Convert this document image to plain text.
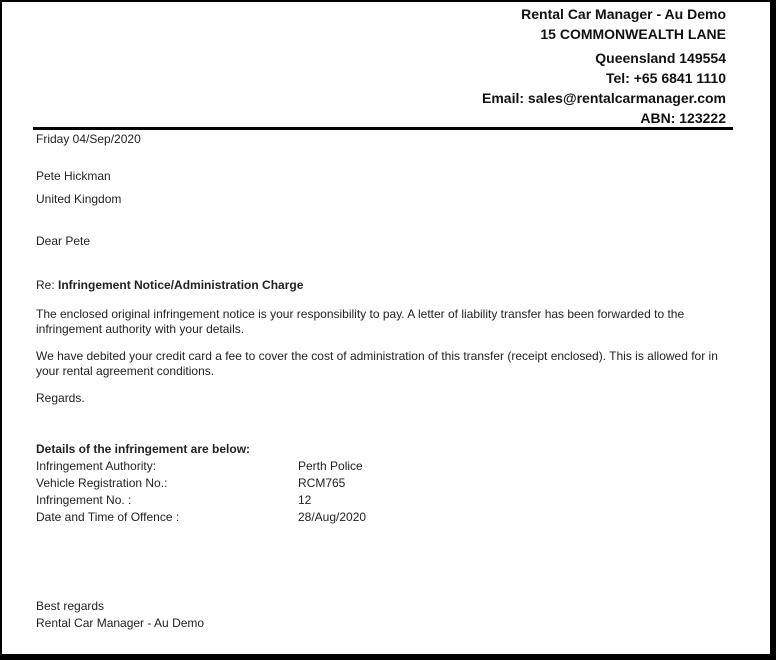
Rental Car Manager - Au Demo
15 COMMONWEALTH LANE
Queensland 149554
Tel: +65 6841 1110
Email: sales@rentalcarmanager.com
ABN: 123222
Friday 04/Sep/2020
Pete Hickman
United Kingdom
Dear Pete
Re: Infringement Notice/Administration Charge
The enclosed original infringement notice is your responsibility to pay. A letter of liability transfer has been forwarded to the infringement authority with your details.
We have debited your credit card a fee to cover the cost of administration of this transfer (receipt enclosed). This is allowed for in your rental agreement conditions.
Regards.
Details of the infringement are below:
Infringement Authority:	Perth Police
Vehicle Registration No.:	RCM765
Infringement No. :	12
Date and Time of Offence :	28/Aug/2020
Best regards
Rental Car Manager - Au Demo
